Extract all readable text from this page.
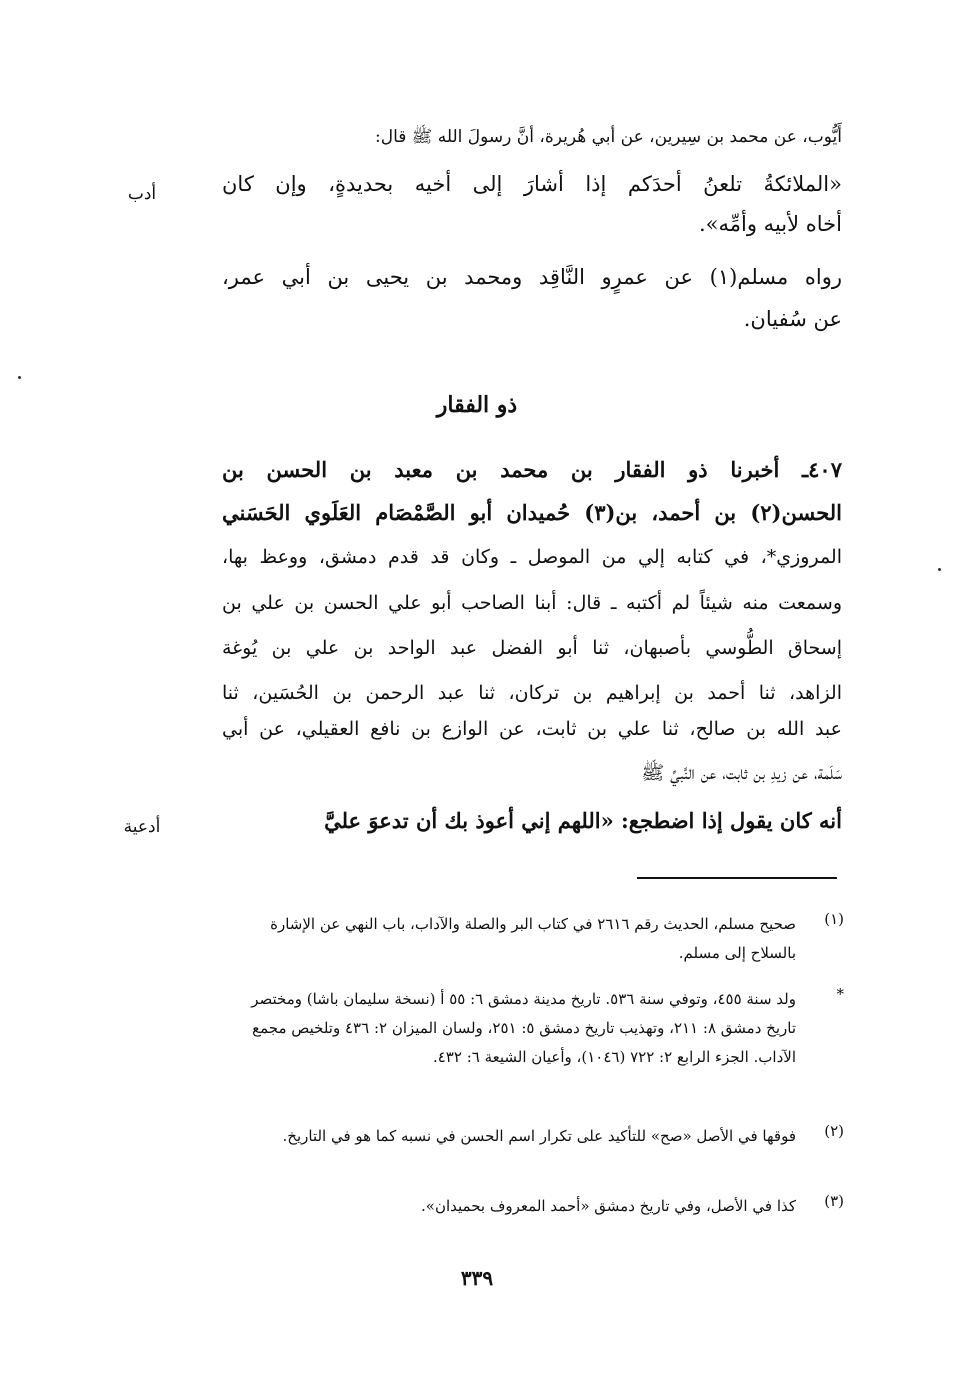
أَيُّوب، عن محمد بن سِيرين، عن أبي هُريرة، أنَّ رسولَ الله ﷺ قال:
«الملائكةُ تلعنُ أحدَكم إذا أشارَ إلى أخيه بحديدةٍ، وإن كان
أخاه لأبيه وأمِّه».
رواه مسلم(١) عن عمرٍو النَّاقِد ومحمد بن يحيى بن أبي عمر،
عن سُفيان.
أدب
ذو الفقار
٤٠٧ـ أخبرنا ذو الفقار بن محمد بن معبد بن الحسن بن
الحسن(٢) بن أحمد، بن(٣) حُميدان أبو الصَّمْصَام العَلَوي الحَسَني
المروزي*، في كتابه إلي من الموصل ـ وكان قد قدم دمشق، ووعظ بها،
وسمعت منه شيئاً لم أكتبه ـ قال: أبنا الصاحب أبو علي الحسن بن علي بن
إسحاق الطُّوسي بأصبهان، ثنا أبو الفضل عبد الواحد بن علي بن يُوغة
الزاهد، ثنا أحمد بن إبراهيم بن تركان، ثنا عبد الرحمن بن الحُسَين، ثنا
عبد الله بن صالح، ثنا علي بن ثابت، عن الوازع بن نافع العقيلي، عن أبي
سَلَمة، عن زيدِ بن ثابت، عن النَّبيِّ ﷺ
أنه كان يقول إذا اضطجع: «اللهم إني أعوذ بك أن تدعوَ عليَّ
أدعية
(١)
صحيح مسلم، الحديث رقم ٢٦١٦ في كتاب البر والصلة والآداب، باب النهي عن الإشارة بالسلاح إلى مسلم.
*
ولد سنة ٤٥٥، وتوفي سنة ٥٣٦. تاريخ مدينة دمشق ٦: ٥٥ أ (نسخة سليمان باشا) ومختصر تاريخ دمشق ٨: ٢١١، وتهذيب تاريخ دمشق ٥: ٢٥١، ولسان الميزان ٢: ٤٣٦ وتلخيص مجمع الآداب. الجزء الرابع ٢: ٧٢٢ (١٠٤٦)، وأعيان الشيعة ٦: ٤٣٢.
(٢)
فوقها في الأصل «صح» للتأكيد على تكرار اسم الحسن في نسبه كما هو في التاريخ.
(٣)
كذا في الأصل، وفي تاريخ دمشق «أحمد المعروف بحميدان».
٣٣٩
